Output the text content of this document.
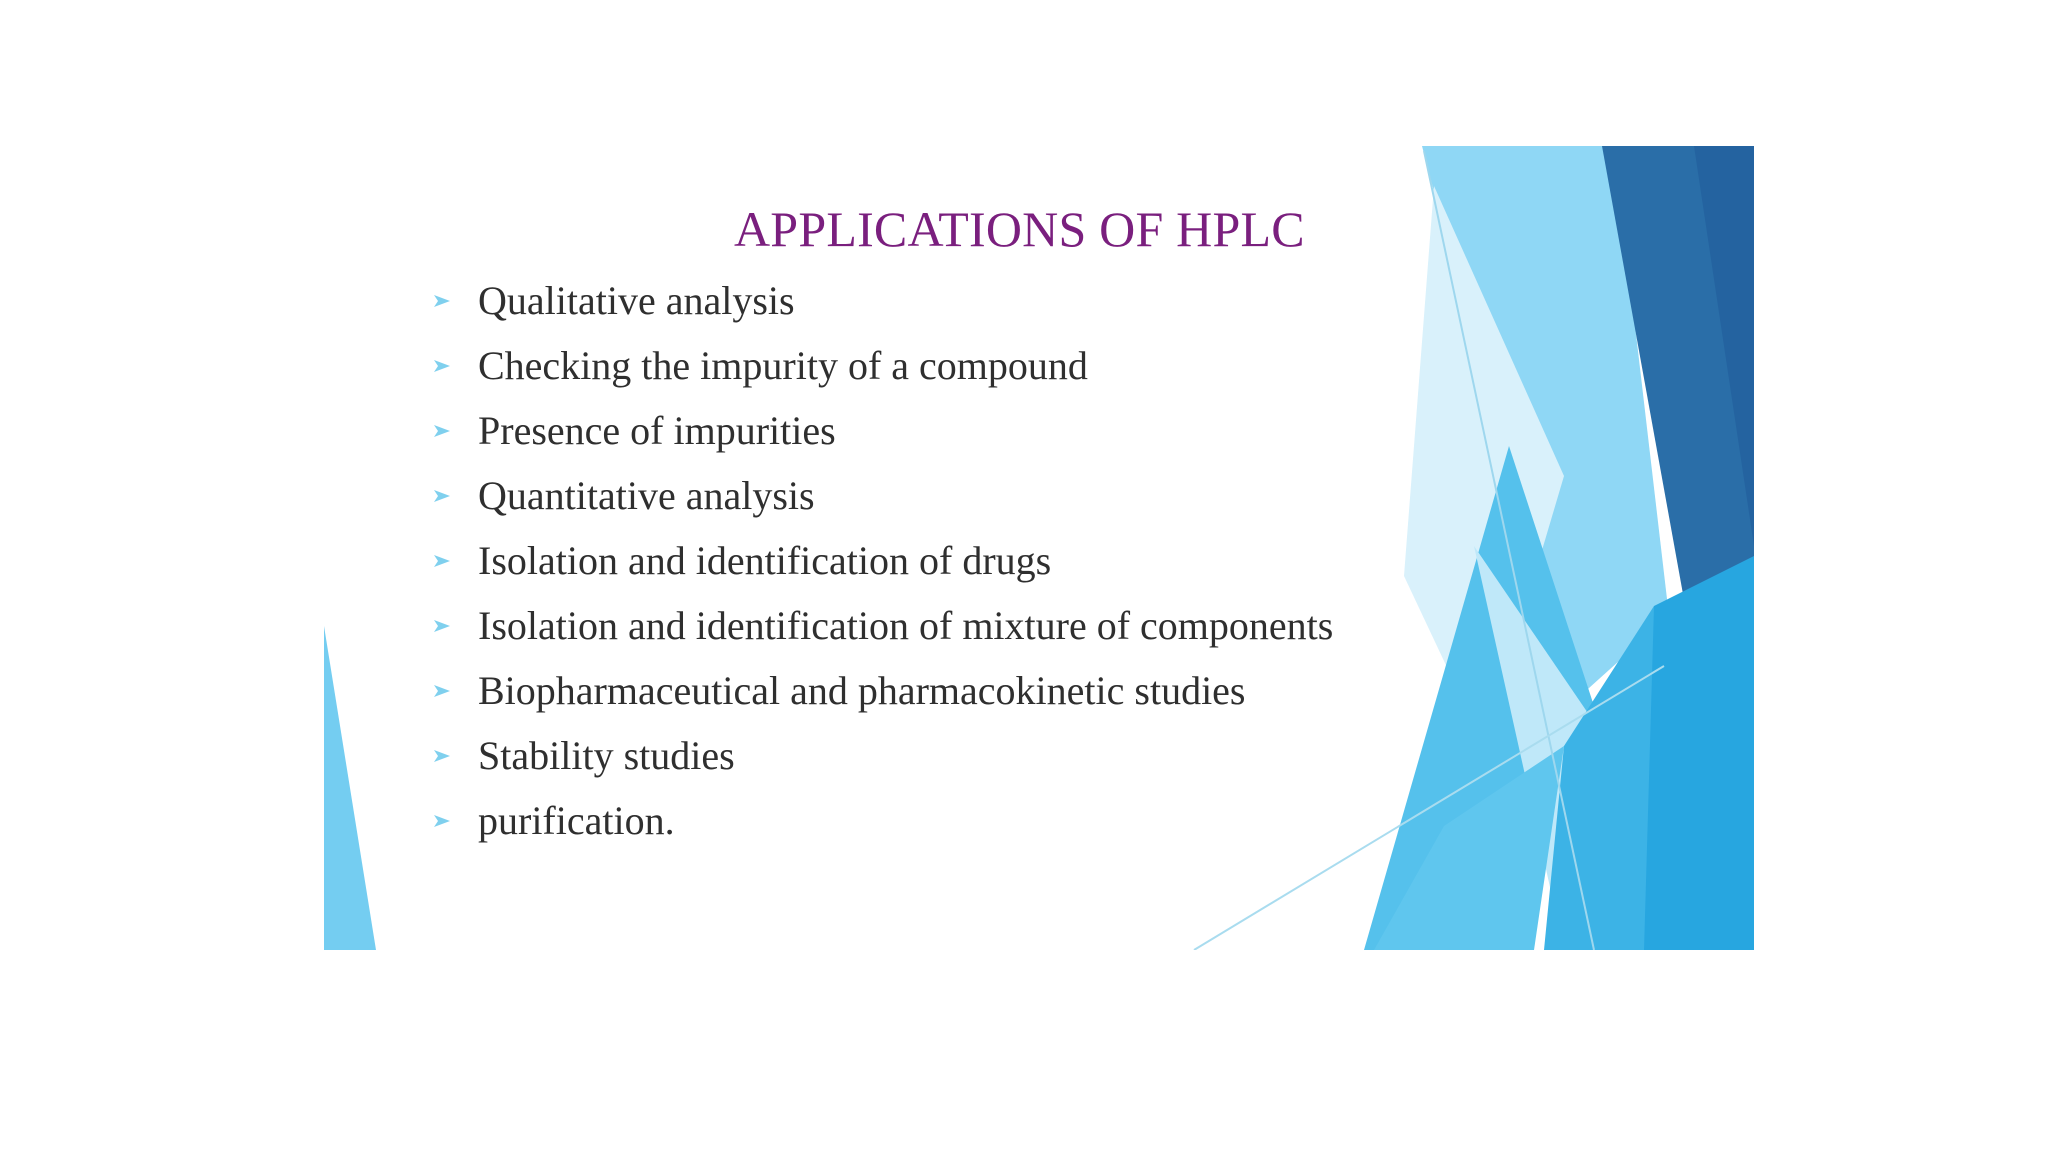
APPLICATIONS OF HPLC
Qualitative analysis
Checking the impurity of a compound
Presence of impurities
Quantitative analysis
Isolation and identification of drugs
Isolation and identification of mixture of components
Biopharmaceutical and pharmacokinetic studies
Stability studies
purification.
